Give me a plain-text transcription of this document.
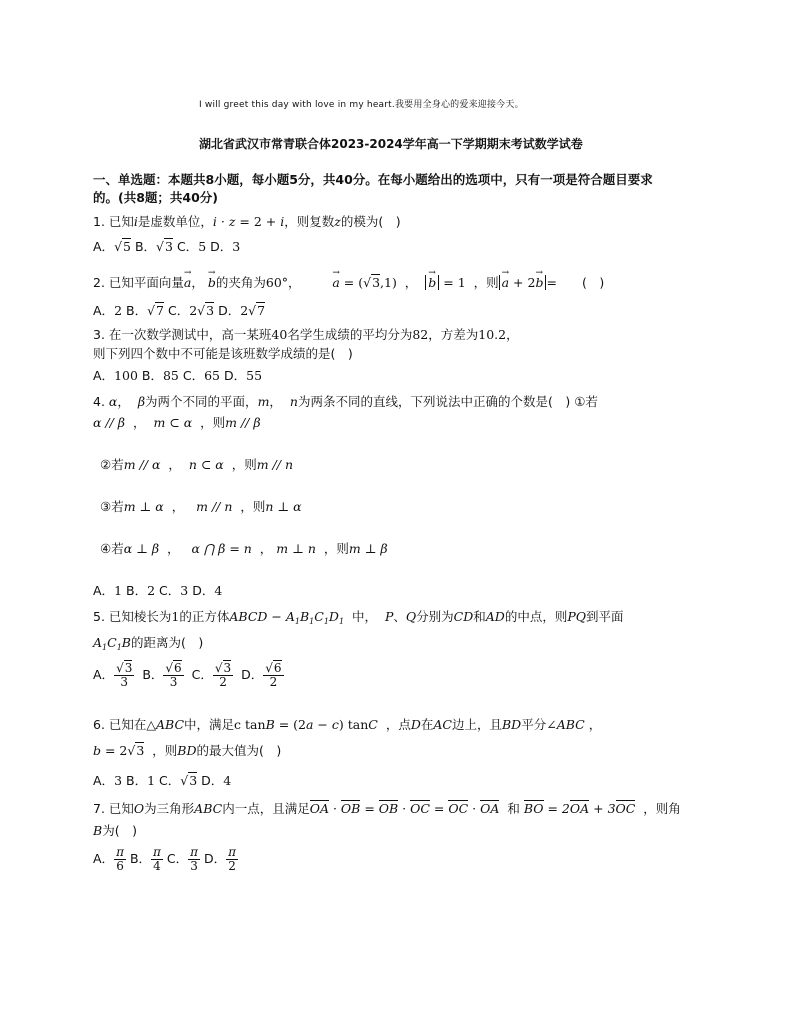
I will greet this day with love in my heart.我要用全身心的爱来迎接今天。
湖北省武汉市常青联合体2023-2024学年高一下学期期末考试数学试卷
一、单选题：本题共8小题，每小题5分，共40分。在每小题给出的选项中，只有一项是符合题目要求
的。(共8题；共40分)
1. 已知i是虚数单位，i · z = 2 + i，则复数z的模为(　)
A．√5 B．√3 C．5 D．3
2. 已知平面向量→ a， → b的夹角为60°，	→ a = (√3,1) ， → b = 1 ，则 → a + 2→ b =　　(　)
A．2 B．√7 C．2√3 D．2√7
3. 在一次数学测试中，高一某班40名学生成绩的平均分为82，方差为10.2，
则下列四个数中不可能是该班数学成绩的是(　)
A．100 B．85 C．65 D．55
4. α，  β为两个不同的平面，m，  n为两条不同的直线，下列说法中正确的个数是(　) ①若
α // β  ，  m ⊂ α ，则m // β
②若m // α ， n ⊂ α ，则m // n
③若m ⊥ α ， m // n ，则n ⊥ α
④若α ⊥ β ， α ⋂ β = n ， m ⊥ n ，则m ⊥ β
A．1 B．2 C．3 D．4
5. 已知棱长为1的正方体ABCD − $A_1B_1C_1D_1$ 中， P、Q分别为CD和AD的中点，则PQ到平面
$A_1C_1B$的距离为(　)
A． $\frac{√3}{3}$ B． $\frac{√6}{3}$ C． $\frac{√3}{2}$ D． $\frac{√6}{2}$
6. 已知在△ABC中，满足c tanB = (2a − c) tanC ，点D在AC边上，且BD平分∠ABC ，
b = 2√3 ，则BD的最大值为(　)
A．3 B．1 C．√3 D．4
7. 已知O为三角形ABC内一点，且满足OA · OB = OB · OC = OC · OA 和 BO = 2OA + 3OC ，则角
B为(　)
A． $\frac{\pi}{6}$ B． $\frac{\pi}{4}$ C． $\frac{\pi}{3}$ D． $\frac{\pi}{2}$
